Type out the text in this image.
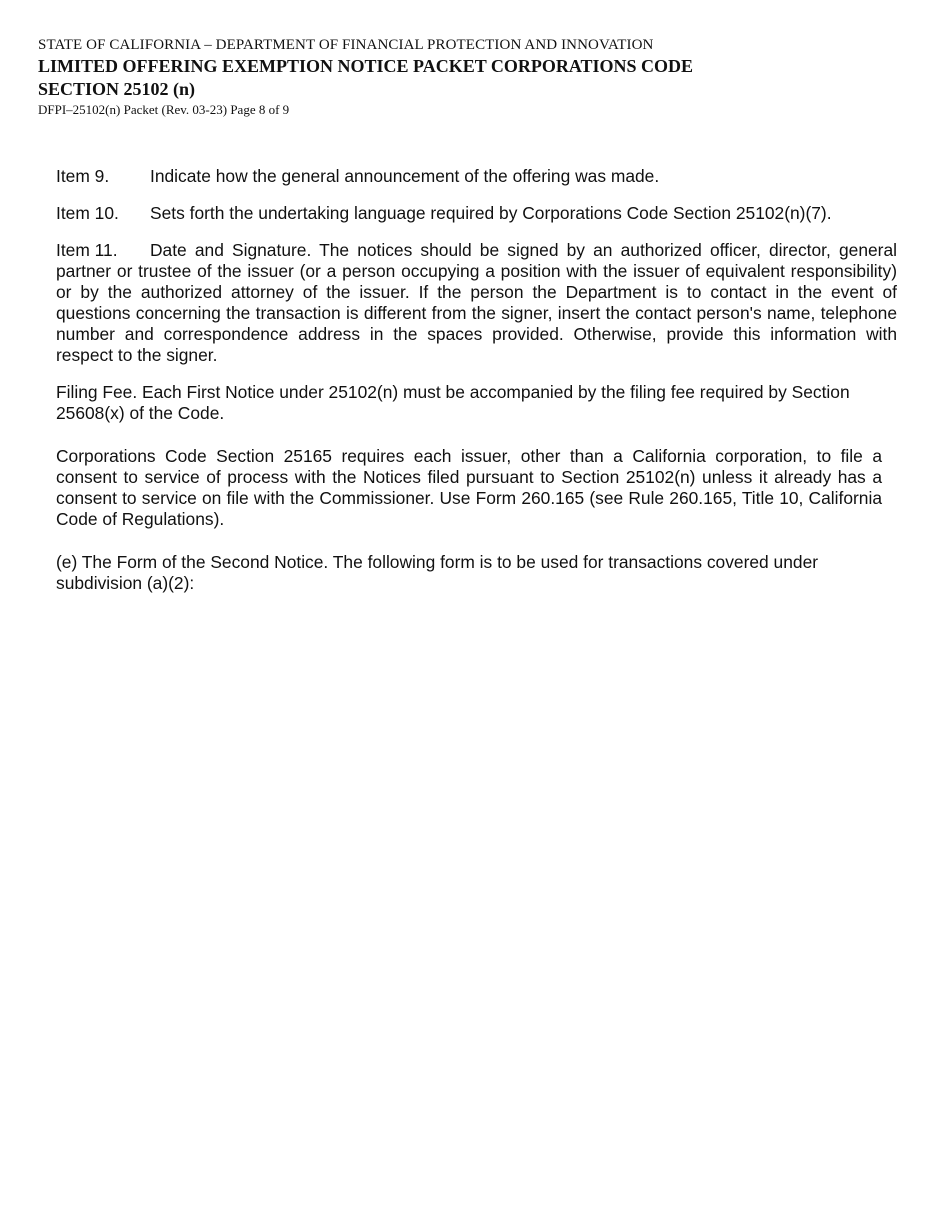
STATE OF CALIFORNIA – DEPARTMENT OF FINANCIAL PROTECTION AND INNOVATION
LIMITED OFFERING EXEMPTION NOTICE PACKET CORPORATIONS CODE SECTION 25102 (n)
DFPI–25102(n) Packet (Rev. 03-23) Page 8 of 9
Item 9. Indicate how the general announcement of the offering was made.
Item 10. Sets forth the undertaking language required by Corporations Code Section 25102(n)(7).
Item 11. Date and Signature. The notices should be signed by an authorized officer, director, general partner or trustee of the issuer (or a person occupying a position with the issuer of equivalent responsibility) or by the authorized attorney of the issuer. If the person the Department is to contact in the event of questions concerning the transaction is different from the signer, insert the contact person's name, telephone number and correspondence address in the spaces provided. Otherwise, provide this information with respect to the signer.
Filing Fee. Each First Notice under 25102(n) must be accompanied by the filing fee required by Section 25608(x) of the Code.
Corporations Code Section 25165 requires each issuer, other than a California corporation, to file a consent to service of process with the Notices filed pursuant to Section 25102(n) unless it already has a consent to service on file with the Commissioner. Use Form 260.165 (see Rule 260.165, Title 10, California Code of Regulations).
(e) The Form of the Second Notice. The following form is to be used for transactions covered under subdivision (a)(2):
